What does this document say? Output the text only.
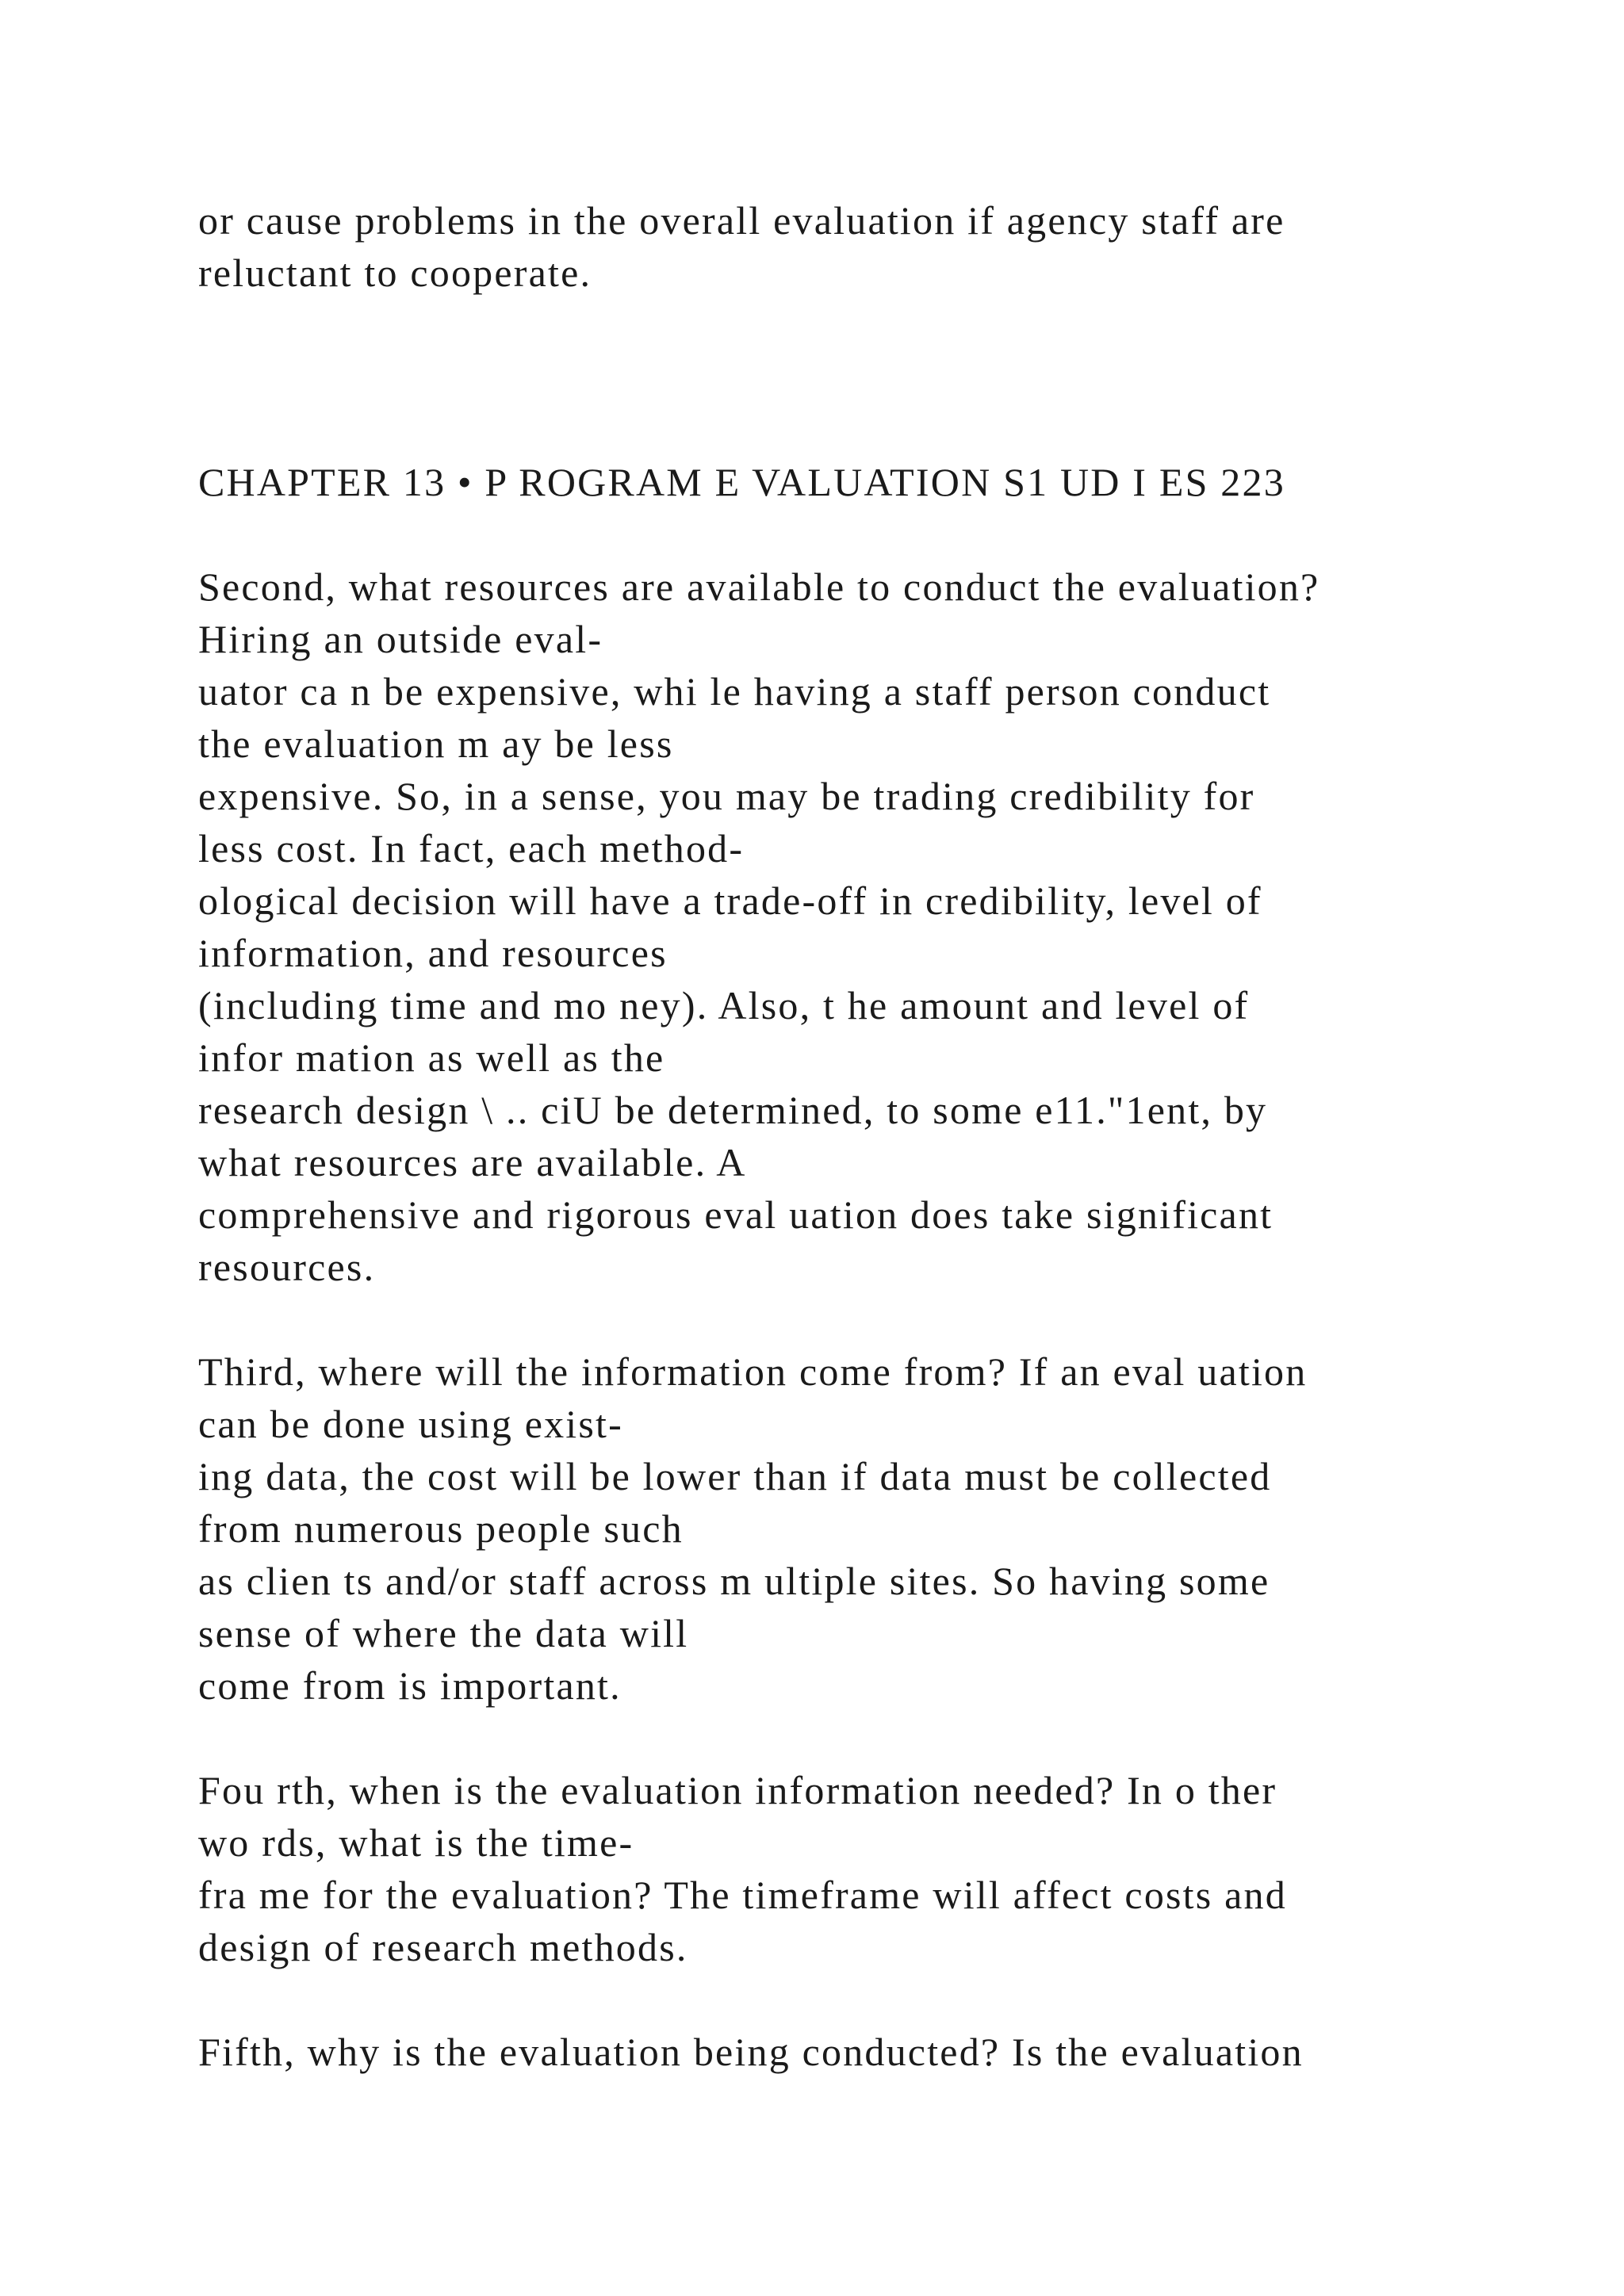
or cause problems in the overall evaluation if agency staff are
reluctant to cooperate.
CHAPTER 13 • P ROGRAM E VALUATION S1 UD I ES 223
Second, what resources are available to conduct the evaluation?
Hiring an outside eval-
uator ca n be expensive, whi le having a staff person conduct
the evaluation m ay be less
expensive. So, in a sense, you may be trading credibility for
less cost. In fact, each method-
ological decision will have a trade-off in credibility, level of
information, and resources
(including time and mo ney). Also, t he amount and level of
infor mation as well as the
research design \ .. ciU be determined, to some e11."1ent, by
what resources are available. A
comprehensive and rigorous eval uation does take significant
resources.
Third, where will the information come from? If an eval uation
can be done using exist-
ing data, the cost will be lower than if data must be collected
from numerous people such
as clien ts and/or staff across m ultiple sites. So having some
sense of where the data will
come from is important.
Fou rth, when is the evaluation information needed? In o ther
wo rds, what is the time-
fra me for the evaluation? The timeframe will affect costs and
design of research methods.
Fifth, why is the evaluation being conducted? Is the evaluation
